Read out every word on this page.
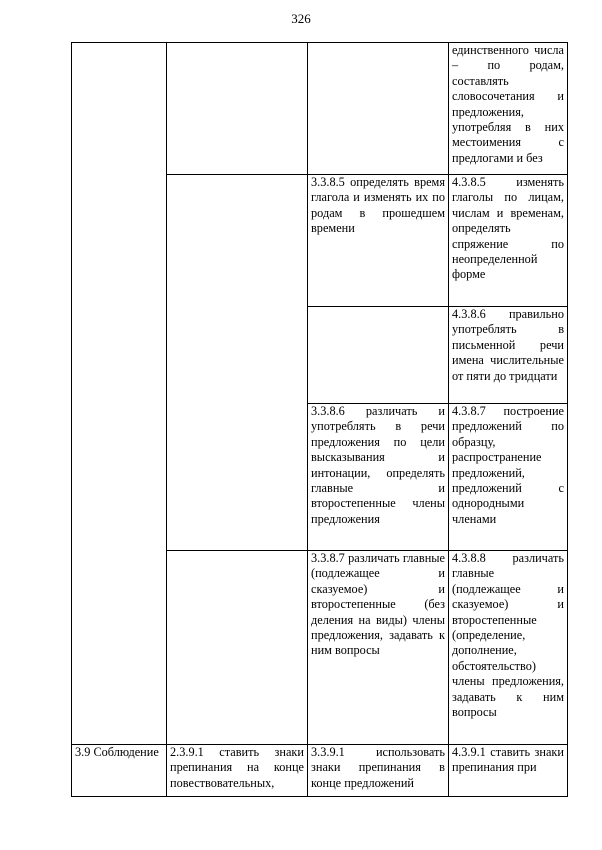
326

			единственного числа – по родам, составлять словосочетания и предложения, употребляя в них местоимения с предлогами и без

		3.3.8.5 определять время глагола и изменять их по родам в прошедшем времени	4.3.8.5 изменять глаголы по лицам, числам и временам, определять спряжение по неопределенной форме

			4.3.8.6 правильно употреблять в письменной речи имена числительные от пяти до тридцати

		3.3.8.6 различать и употреблять в речи предложения по цели высказывания и интонации, определять главные и второстепенные члены предложения	4.3.8.7 построение предложений по образцу, распространение предложений, предложений с однородными членами

		3.3.8.7 различать главные (подлежащее и сказуемое) и второстепенные (без деления на виды) члены предложения, задавать к ним вопросы	4.3.8.8 различать главные (подлежащее и сказуемое) и второстепенные (определение, дополнение, обстоятельство) члены предложения, задавать к ним вопросы

3.9 Соблюдение	2.3.9.1 ставить знаки препинания на конце повествовательных,	3.3.9.1 использовать знаки препинания в конце предложений	4.3.9.1 ставить знаки препинания при
